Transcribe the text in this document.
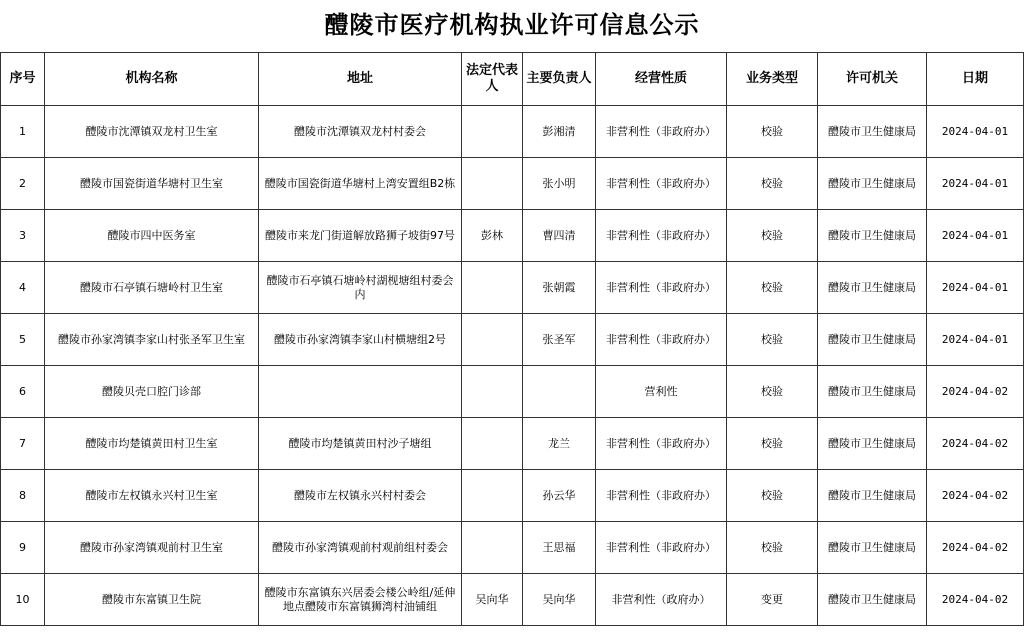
醴陵市医疗机构执业许可信息公示
序号	机构名称	地址	法定代表人	主要负责人	经营性质	业务类型	许可机关	日期
1	醴陵市沈潭镇双龙村卫生室	醴陵市沈潭镇双龙村村委会		彭湘清	非营利性（非政府办）	校验	醴陵市卫生健康局	2024-04-01
2	醴陵市国瓷街道华塘村卫生室	醴陵市国瓷街道华塘村上湾安置组B2栋		张小明	非营利性（非政府办）	校验	醴陵市卫生健康局	2024-04-01
3	醴陵市四中医务室	醴陵市来龙门街道解放路狮子坡街97号	彭林	曹四清	非营利性（非政府办）	校验	醴陵市卫生健康局	2024-04-01
4	醴陵市石亭镇石塘岭村卫生室	醴陵市石亭镇石塘岭村湖枧塘组村委会内		张朝霞	非营利性（非政府办）	校验	醴陵市卫生健康局	2024-04-01
5	醴陵市孙家湾镇李家山村张圣军卫生室	醴陵市孙家湾镇李家山村横塘组2号		张圣军	非营利性（非政府办）	校验	醴陵市卫生健康局	2024-04-01
6	醴陵贝壳口腔门诊部				营利性	校验	醴陵市卫生健康局	2024-04-02
7	醴陵市均楚镇黄田村卫生室	醴陵市均楚镇黄田村沙子塘组		龙兰	非营利性（非政府办）	校验	醴陵市卫生健康局	2024-04-02
8	醴陵市左权镇永兴村卫生室	醴陵市左权镇永兴村村委会		孙云华	非营利性（非政府办）	校验	醴陵市卫生健康局	2024-04-02
9	醴陵市孙家湾镇观前村卫生室	醴陵市孙家湾镇观前村观前组村委会		王思福	非营利性（非政府办）	校验	醴陵市卫生健康局	2024-04-02
10	醴陵市东富镇卫生院	醴陵市东富镇东兴居委会楼公岭组/延伸地点醴陵市东富镇狮湾村油铺组	吴向华	吴向华	非营利性（政府办）	变更	醴陵市卫生健康局	2024-04-02
